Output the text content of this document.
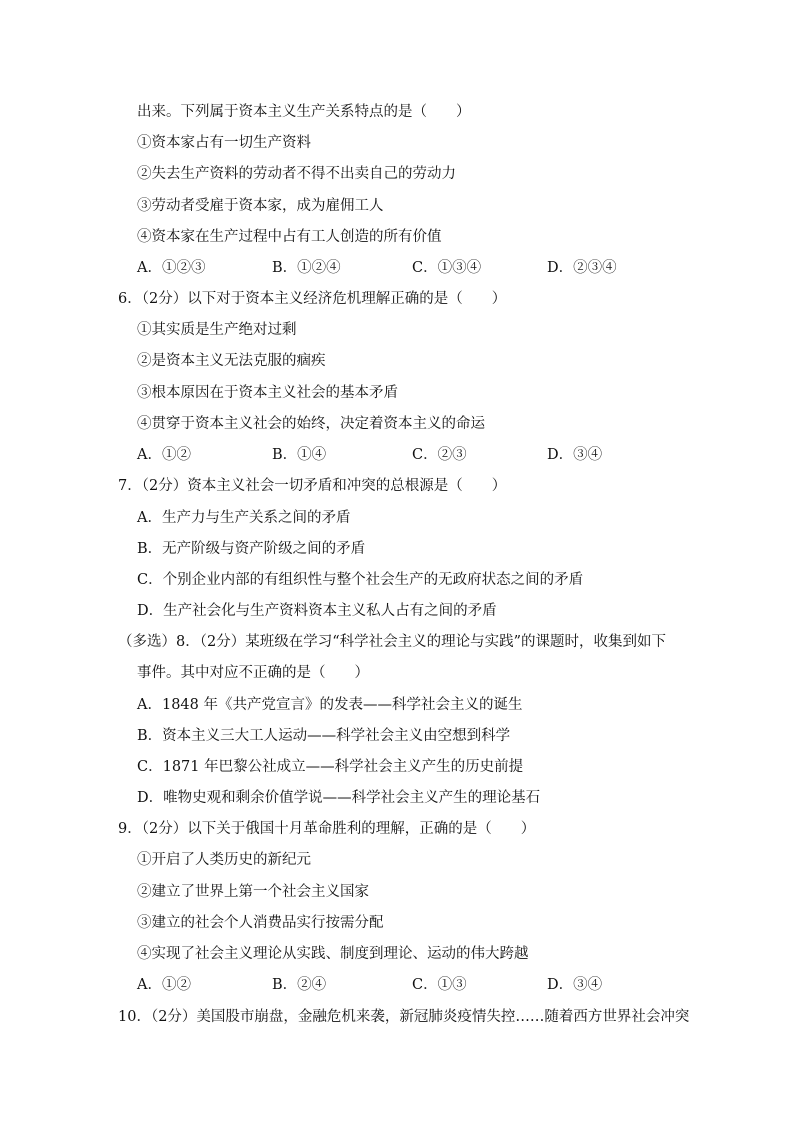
出来。下列属于资本主义生产关系特点的是（　　）
①资本家占有一切生产资料
②失去生产资料的劳动者不得不出卖自己的劳动力
③劳动者受雇于资本家，成为雇佣工人
④资本家在生产过程中占有工人创造的所有价值
A．①②③	B．①②④	C．①③④	D．②③④
6．（2分）以下对于资本主义经济危机理解正确的是（　　）
①其实质是生产绝对过剩
②是资本主义无法克服的痼疾
③根本原因在于资本主义社会的基本矛盾
④贯穿于资本主义社会的始终，决定着资本主义的命运
A．①②	B．①④	C．②③	D．③④
7．（2分）资本主义社会一切矛盾和冲突的总根源是（　　）
A．生产力与生产关系之间的矛盾
B．无产阶级与资产阶级之间的矛盾
C．个别企业内部的有组织性与整个社会生产的无政府状态之间的矛盾
D．生产社会化与生产资料资本主义私人占有之间的矛盾
（多选）8．（2分）某班级在学习“科学社会主义的理论与实践”的课题时，收集到如下
事件。其中对应不正确的是（　　）
A．1848 年《共产党宣言》的发表——科学社会主义的诞生
B．资本主义三大工人运动——科学社会主义由空想到科学
C．1871 年巴黎公社成立——科学社会主义产生的历史前提
D．唯物史观和剩余价值学说——科学社会主义产生的理论基石
9．（2分）以下关于俄国十月革命胜利的理解，正确的是（　　）
①开启了人类历史的新纪元
②建立了世界上第一个社会主义国家
③建立的社会个人消费品实行按需分配
④实现了社会主义理论从实践、制度到理论、运动的伟大跨越
A．①②	B．②④	C．①③	D．③④
10．（2分）美国股市崩盘，金融危机来袭，新冠肺炎疫情失控……随着西方世界社会冲突
